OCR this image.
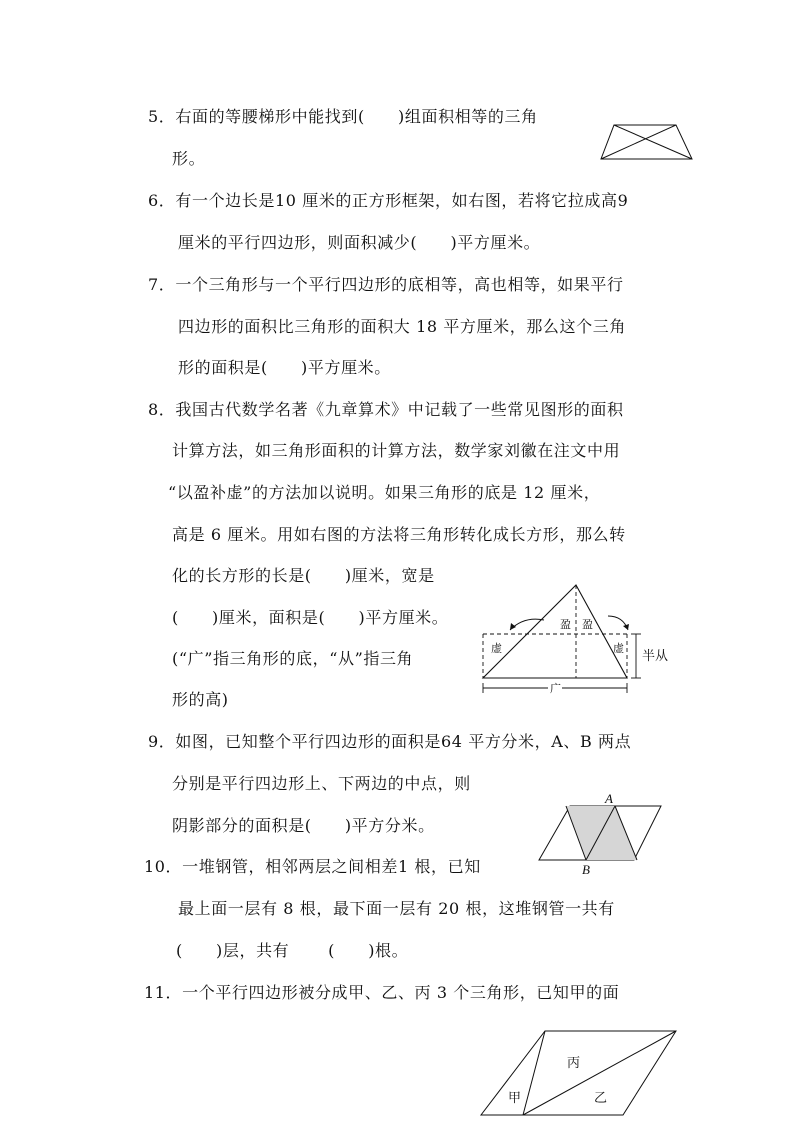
5．右面的等腰梯形中能找到(　　)组面积相等的三角
形。
6．有一个边长是10 厘米的正方形框架，如右图，若将它拉成高9
厘米的平行四边形，则面积减少(　　)平方厘米。
7．一个三角形与一个平行四边形的底相等，高也相等，如果平行
四边形的面积比三角形的面积大 18 平方厘米，那么这个三角
形的面积是(　　)平方厘米。
8．我国古代数学名著《九章算术》中记载了一些常见图形的面积
计算方法，如三角形面积的计算方法，数学家刘徽在注文中用
“以盈补虚”的方法加以说明。如果三角形的底是 12 厘米，
高是 6 厘米。用如右图的方法将三角形转化成长方形，那么转
化的长方形的长是(　　)厘米，宽是
(　　)厘米，面积是(　　)平方厘米。
(“广”指三角形的底，“从”指三角
形的高)
盈 盈
虚	虚
广
半从
9．如图，已知整个平行四边形的面积是64 平方分米，A、B 两点
分别是平行四边形上、下两边的中点，则
阴影部分的面积是(　　)平方分米。
A
B
10．一堆钢管，相邻两层之间相差1 根，已知
最上面一层有 8 根，最下面一层有 20 根，这堆钢管一共有
(　　)层，共有　　 (　　)根。
11．一个平行四边形被分成甲、乙、丙 3 个三角形，已知甲的面
甲
丙
乙
